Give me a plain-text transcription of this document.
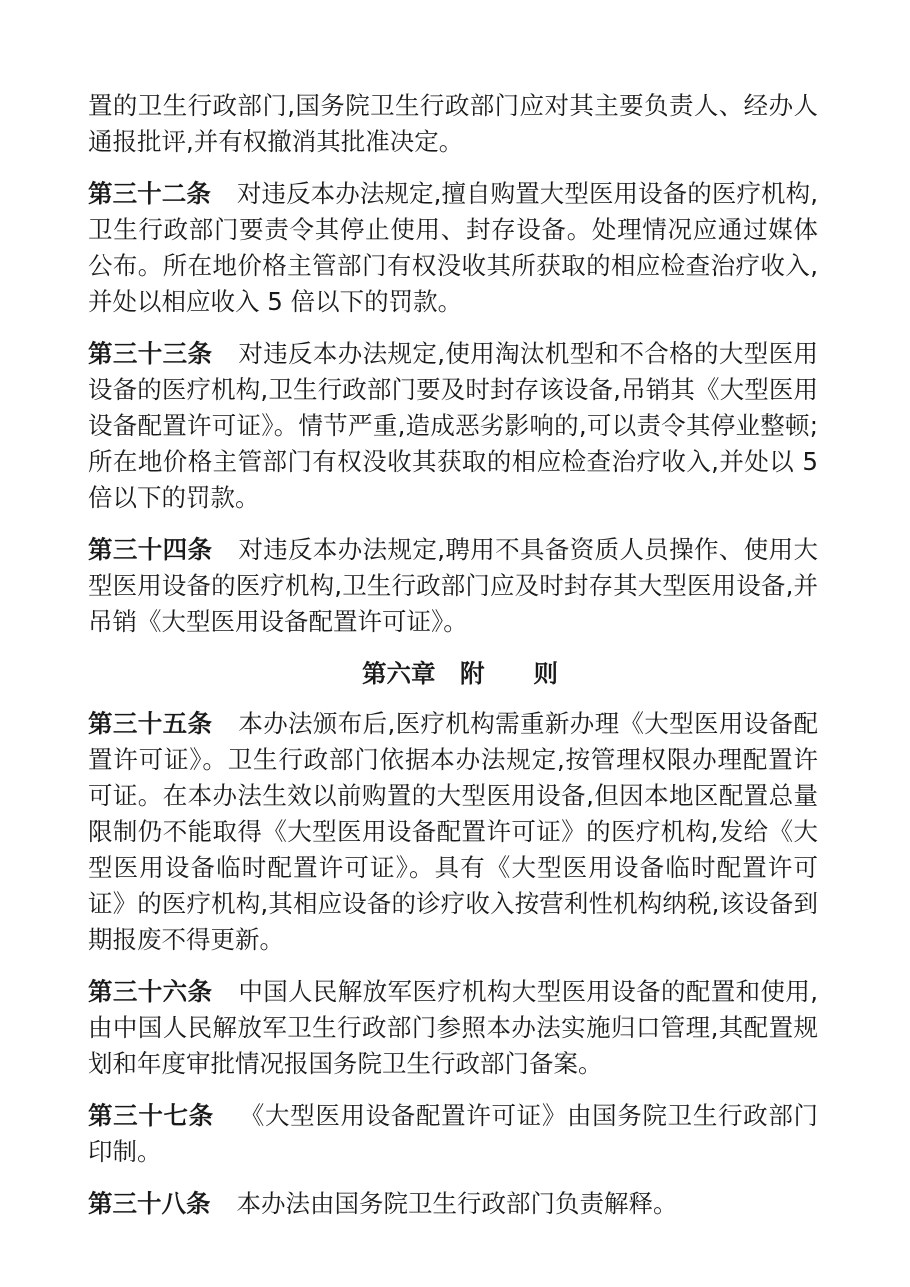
置的卫生行政部门,国务院卫生行政部门应对其主要负责人、经办人通报批评,并有权撤消其批准决定。

第三十二条 对违反本办法规定,擅自购置大型医用设备的医疗机构,卫生行政部门要责令其停止使用、封存设备。处理情况应通过媒体公布。所在地价格主管部门有权没收其所获取的相应检查治疗收入,并处以相应收入 5 倍以下的罚款。

第三十三条 对违反本办法规定,使用淘汰机型和不合格的大型医用设备的医疗机构,卫生行政部门要及时封存该设备,吊销其《大型医用设备配置许可证》。情节严重,造成恶劣影响的,可以责令其停业整顿;所在地价格主管部门有权没收其获取的相应检查治疗收入,并处以 5 倍以下的罚款。

第三十四条 对违反本办法规定,聘用不具备资质人员操作、使用大型医用设备的医疗机构,卫生行政部门应及时封存其大型医用设备,并吊销《大型医用设备配置许可证》。

第六章　附　　则

第三十五条 本办法颁布后,医疗机构需重新办理《大型医用设备配置许可证》。卫生行政部门依据本办法规定,按管理权限办理配置许可证。在本办法生效以前购置的大型医用设备,但因本地区配置总量限制仍不能取得《大型医用设备配置许可证》的医疗机构,发给《大型医用设备临时配置许可证》。具有《大型医用设备临时配置许可证》的医疗机构,其相应设备的诊疗收入按营利性机构纳税,该设备到期报废不得更新。

第三十六条 中国人民解放军医疗机构大型医用设备的配置和使用,由中国人民解放军卫生行政部门参照本办法实施归口管理,其配置规划和年度审批情况报国务院卫生行政部门备案。

第三十七条 《大型医用设备配置许可证》由国务院卫生行政部门印制。

第三十八条 本办法由国务院卫生行政部门负责解释。
